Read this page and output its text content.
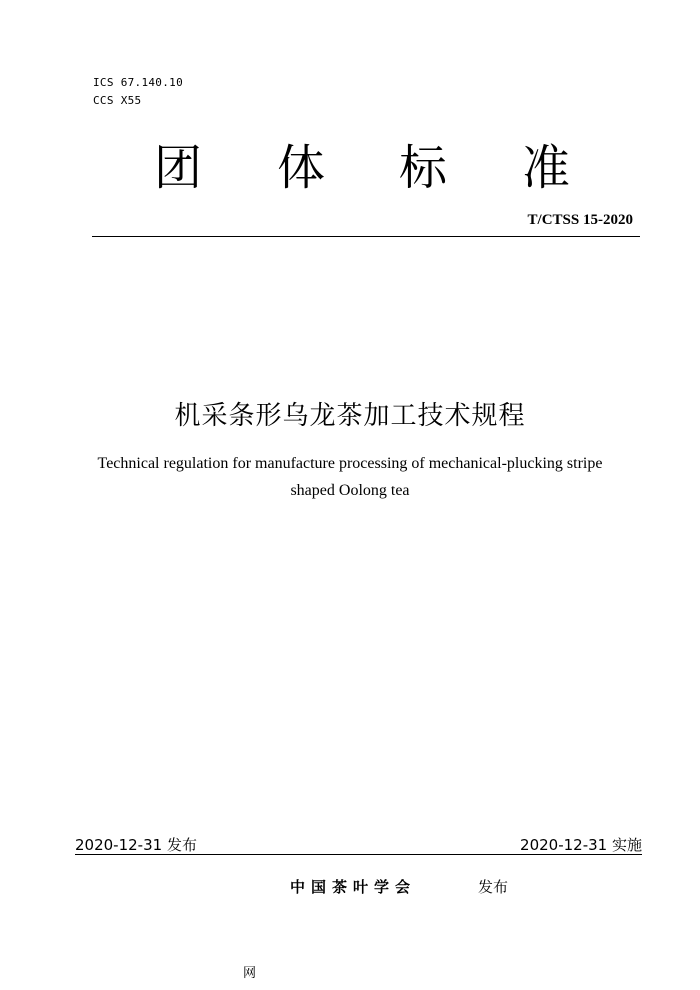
ICS 67.140.10
CCS X55
团 体 标 准
T/CTSS 15-2020
机采条形乌龙茶加工技术规程
Technical regulation for manufacture processing of mechanical-plucking stripe
shaped Oolong tea
2020-12-31 发布	2020-12-31 实施
中国茶叶学会	发布
网
